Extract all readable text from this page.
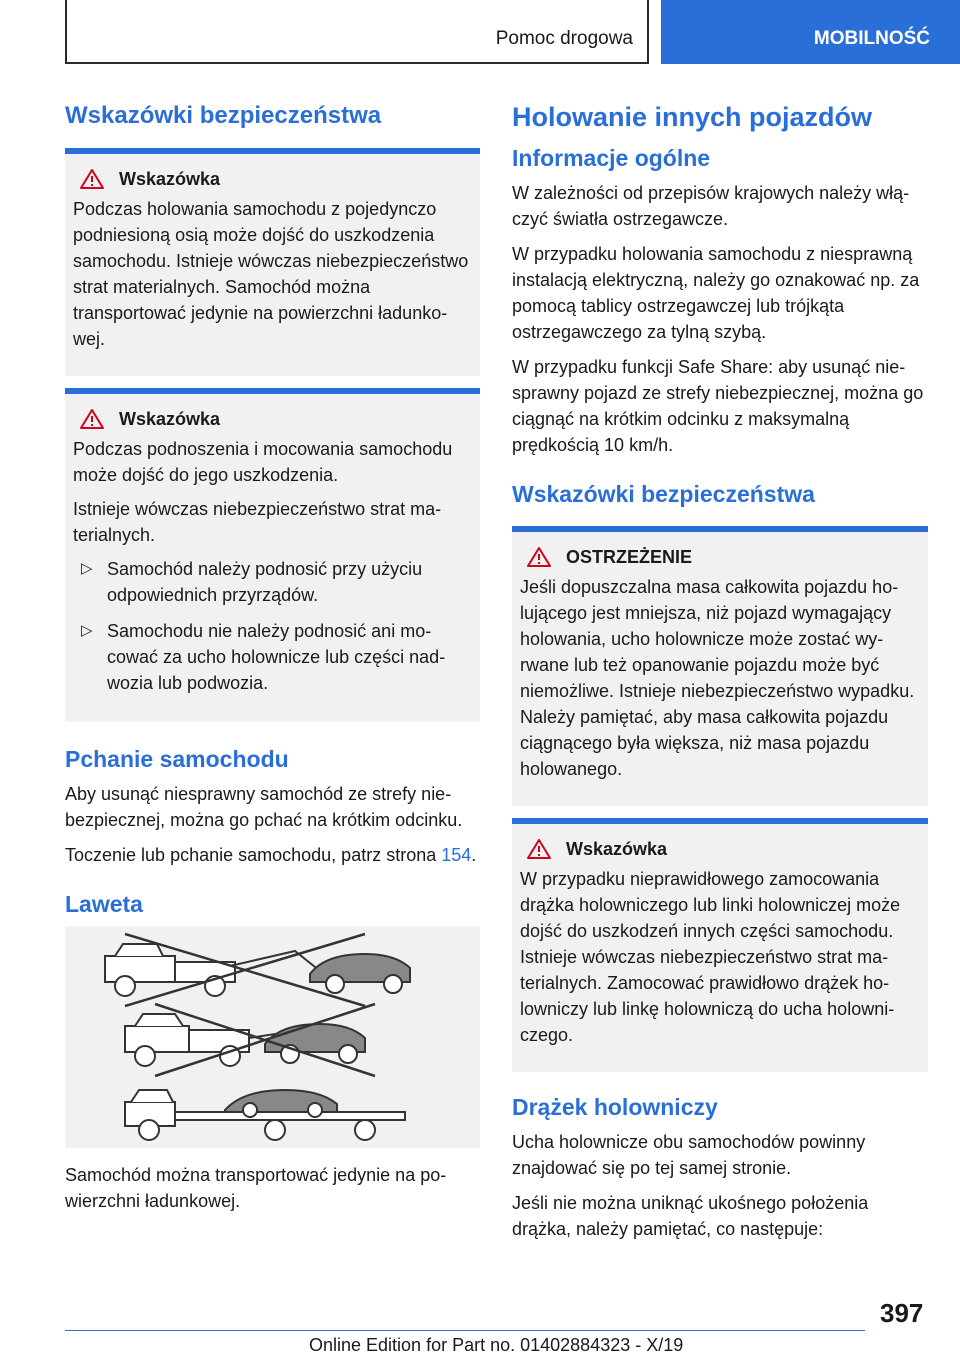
Pomoc drogowa	MOBILNOŚĆ
Wskazówki bezpieczeństwa
Wskazówka

Podczas holowania samochodu z pojedynczo podniesioną osią może dojść do uszkodzenia samochodu. Istnieje wówczas niebezpieczeństwo strat materialnych. Samochód można transportować jedynie na powierzchni ładunkowej.

Wskazówka

Podczas podnoszenia i mocowania samochodu może dojść do jego uszkodzenia.

Istnieje wówczas niebezpieczeństwo strat materialnych.

▷ Samochód należy podnosić przy użyciu odpowiednich przyrządów.
▷ Samochodu nie należy podnosić ani mocować za ucho holownicze lub części nadwozia lub podwozia.
Pchanie samochodu

Aby usunąć niesprawny samochód ze strefy niebezpiecznej, można go pchać na krótkim odcinku.

Toczenie lub pchanie samochodu, patrz strona 154.

Laweta

Samochód można transportować jedynie na powierzchni ładunkowej.

Holowanie innych pojazdów
Informacje ogólne

W zależności od przepisów krajowych należy włączyć światła ostrzegawcze.

W przypadku holowania samochodu z niesprawną instalacją elektryczną, należy go oznakować np. za pomocą tablicy ostrzegawczej lub trójkąta ostrzegawczego za tylną szybą.

W przypadku funkcji Safe Share: aby usunąć niesprawny pojazd ze strefy niebezpiecznej, można go ciągnąć na krótkim odcinku z maksymalną prędkością 10 km/h.

Wskazówki bezpieczeństwa
OSTRZEŻENIE

Jeśli dopuszczalna masa całkowita pojazdu holującego jest mniejsza, niż pojazd wymagający holowania, ucho holownicze może zostać wyrwane lub też opanowanie pojazdu może być niemożliwe. Istnieje niebezpieczeństwo wypadku. Należy pamiętać, aby masa całkowita pojazdu ciągnącego była większa, niż masa pojazdu holowanego.

Wskazówka

W przypadku nieprawidłowego zamocowania drążka holowniczego lub linki holowniczej może dojść do uszkodzeń innych części samochodu. Istnieje wówczas niebezpieczeństwo strat materialnych. Zamocować prawidłowo drążek holowniczy lub linkę holowniczą do ucha holowniczego.

Drążek holowniczy

Ucha holownicze obu samochodów powinny znajdować się po tej samej stronie.

Jeśli nie można uniknąć ukośnego położenia drążka, należy pamiętać, co następuje:

397
Online Edition for Part no. 01402884323 - X/19
